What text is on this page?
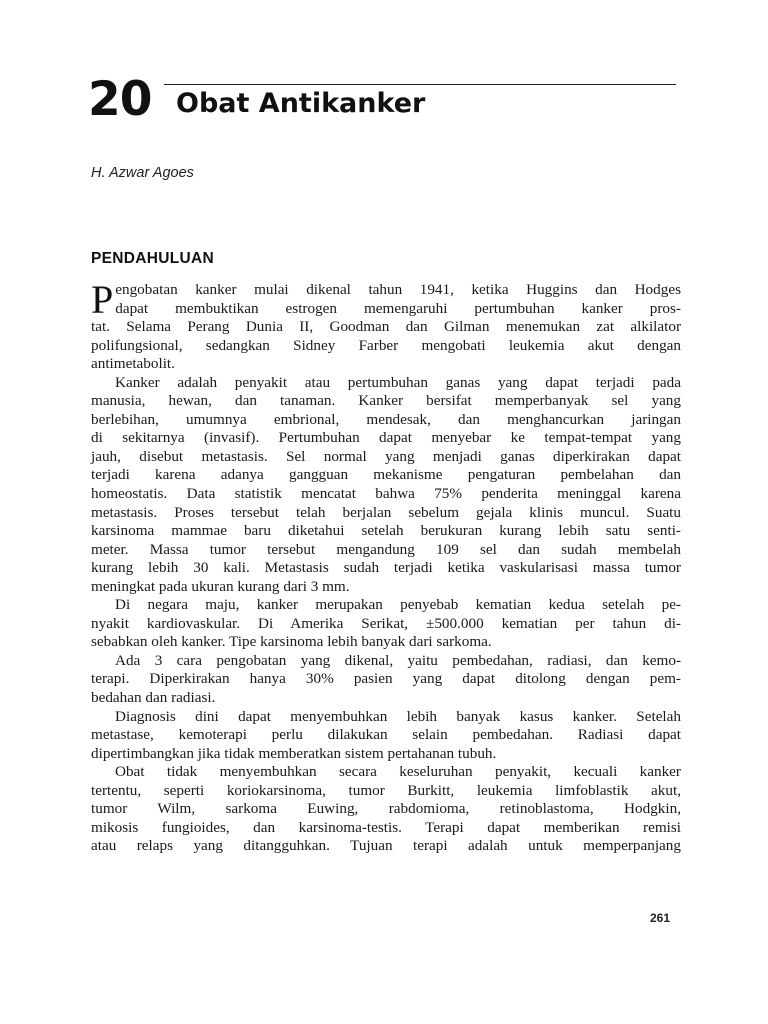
20 Obat Antikanker
H. Azwar Agoes
PENDAHULUAN
P engobatan kanker mulai dikenal tahun 1941, ketika Huggins dan Hodges
dapat membuktikan estrogen memengaruhi pertumbuhan kanker pros-
tat. Selama Perang Dunia II, Goodman dan Gilman menemukan zat alkilator
polifungsional, sedangkan Sidney Farber mengobati leukemia akut dengan
antimetabolit.
Kanker adalah penyakit atau pertumbuhan ganas yang dapat terjadi pada
manusia, hewan, dan tanaman. Kanker bersifat memperbanyak sel yang
berlebihan, umumnya embrional, mendesak, dan menghancurkan jaringan
di sekitarnya (invasif). Pertumbuhan dapat menyebar ke tempat-tempat yang
jauh, disebut metastasis. Sel normal yang menjadi ganas diperkirakan dapat
terjadi karena adanya gangguan mekanisme pengaturan pembelahan dan
homeostatis. Data statistik mencatat bahwa 75% penderita meninggal karena
metastasis. Proses tersebut telah berjalan sebelum gejala klinis muncul. Suatu
karsinoma mammae baru diketahui setelah berukuran kurang lebih satu senti-
meter. Massa tumor tersebut mengandung 109 sel dan sudah membelah
kurang lebih 30 kali. Metastasis sudah terjadi ketika vaskularisasi massa tumor
meningkat pada ukuran kurang dari 3 mm.
Di negara maju, kanker merupakan penyebab kematian kedua setelah pe-
nyakit kardiovaskular. Di Amerika Serikat, ±500.000 kematian per tahun di-
sebabkan oleh kanker. Tipe karsinoma lebih banyak dari sarkoma.
Ada 3 cara pengobatan yang dikenal, yaitu pembedahan, radiasi, dan kemo-
terapi. Diperkirakan hanya 30% pasien yang dapat ditolong dengan pem-
bedahan dan radiasi.
Diagnosis dini dapat menyembuhkan lebih banyak kasus kanker. Setelah
metastase, kemoterapi perlu dilakukan selain pembedahan. Radiasi dapat
dipertimbangkan jika tidak memberatkan sistem pertahanan tubuh.
Obat tidak menyembuhkan secara keseluruhan penyakit, kecuali kanker
tertentu, seperti koriokarsinoma, tumor Burkitt, leukemia limfoblastik akut,
tumor Wilm, sarkoma Euwing, rabdomioma, retinoblastoma, Hodgkin,
mikosis fungioides, dan karsinoma-testis. Terapi dapat memberikan remisi
atau relaps yang ditangguhkan. Tujuan terapi adalah untuk memperpanjang
261
